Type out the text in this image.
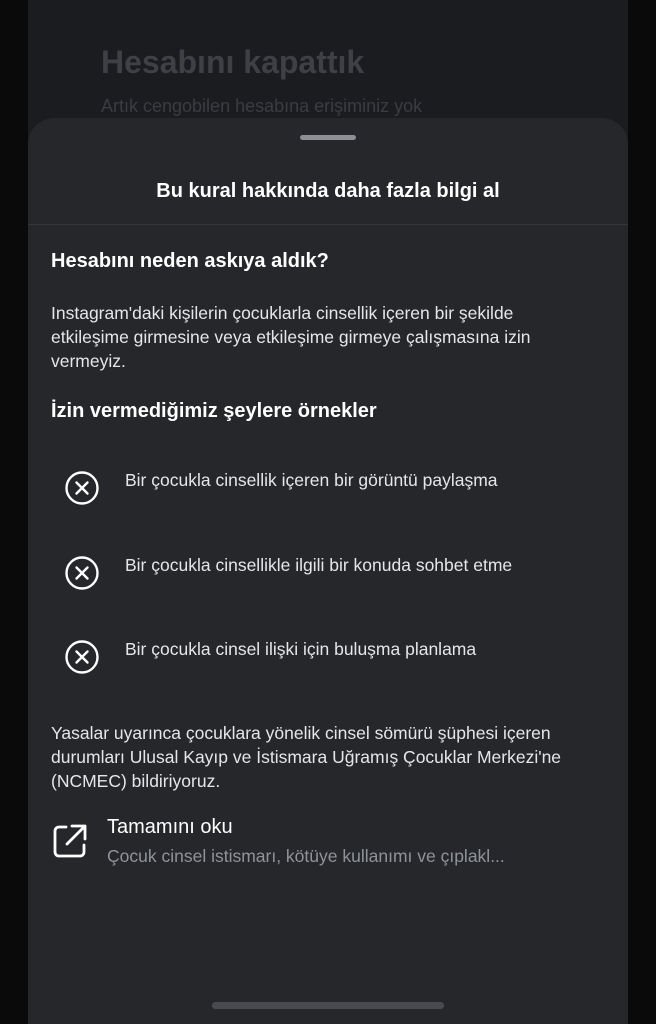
Hesabını kapattık
Artık cengobilen hesabına erişiminiz yok
Bu kural hakkında daha fazla bilgi al
Hesabını neden askıya aldık?
Instagram'daki kişilerin çocuklarla cinsellik içeren bir şekilde etkileşime girmesine veya etkileşime girmeye çalışmasına izin vermeyiz.
İzin vermediğimiz şeylere örnekler
Bir çocukla cinsellik içeren bir görüntü paylaşma
Bir çocukla cinsellikle ilgili bir konuda sohbet etme
Bir çocukla cinsel ilişki için buluşma planlama
Yasalar uyarınca çocuklara yönelik cinsel sömürü şüphesi içeren durumları Ulusal Kayıp ve İstismara Uğramış Çocuklar Merkezi'ne (NCMEC) bildiriyoruz.
Tamamını oku
Çocuk cinsel istismarı, kötüye kullanımı ve çıplakl...
